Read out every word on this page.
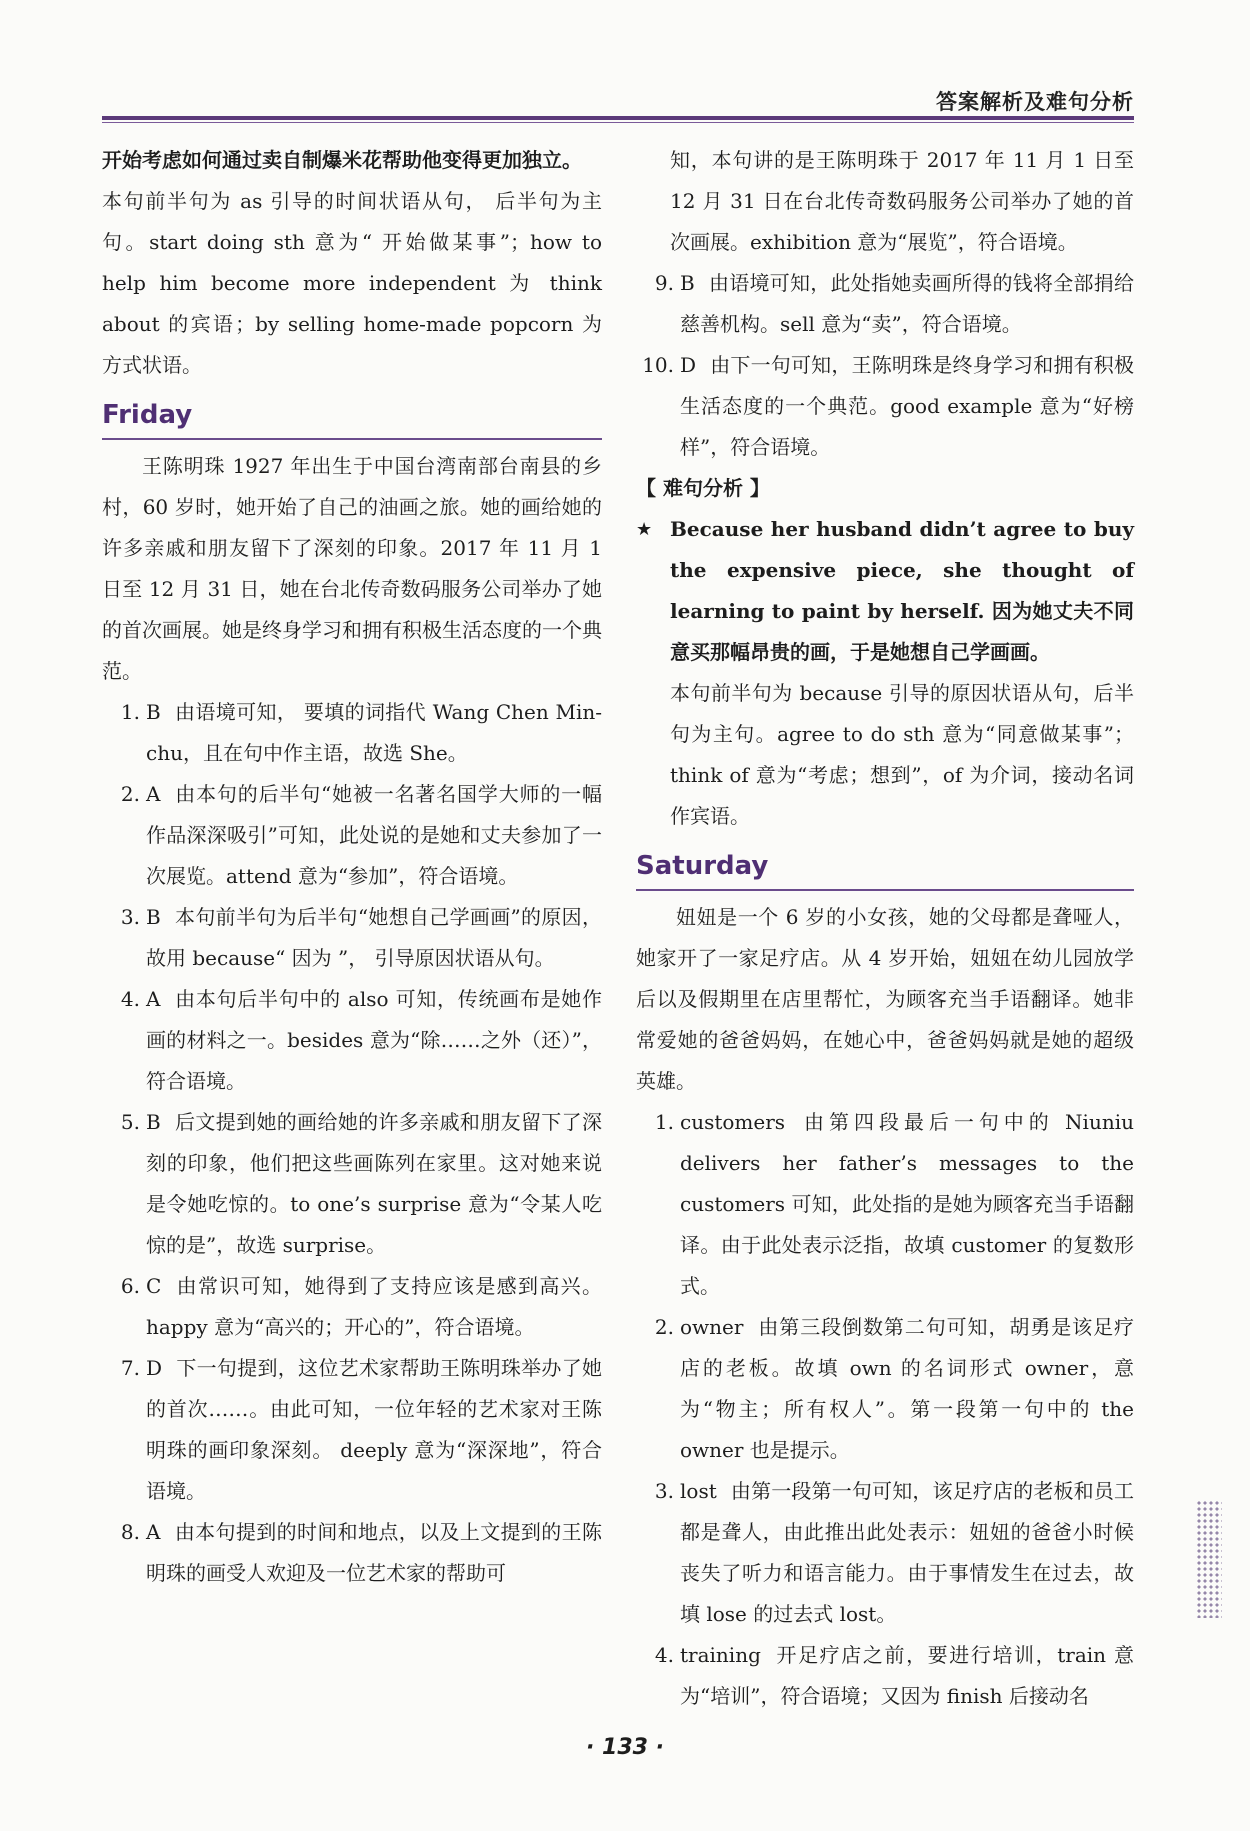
答案解析及难句分析

开始考虑如何通过卖自制爆米花帮助他变得更加独立。

本句前半句为 as 引导的时间状语从句， 后半句为主句。start doing sth 意为“ 开始做某事”；how to help him become more independent 为 think about 的宾语；by selling home-made popcorn 为方式状语。

Friday

王陈明珠 1927 年出生于中国台湾南部台南县的乡村，60 岁时，她开始了自己的油画之旅。她的画给她的许多亲戚和朋友留下了深刻的印象。2017 年 11 月 1 日至 12 月 31 日，她在台北传奇数码服务公司举办了她的首次画展。她是终身学习和拥有积极生活态度的一个典范。

1. B 由语境可知， 要填的词指代 Wang Chen Min-chu，且在句中作主语，故选 She。
2. A 由本句的后半句“她被一名著名国学大师的一幅作品深深吸引”可知，此处说的是她和丈夫参加了一次展览。attend 意为“参加”，符合语境。
3. B 本句前半句为后半句“她想自己学画画”的原因，故用 because“ 因为 ”， 引导原因状语从句。
4. A 由本句后半句中的 also 可知，传统画布是她作画的材料之一。besides 意为“除……之外（还）”，符合语境。
5. B 后文提到她的画给她的许多亲戚和朋友留下了深刻的印象，他们把这些画陈列在家里。这对她来说是令她吃惊的。to one’s surprise 意为“令某人吃惊的是”，故选 surprise。
6. C 由常识可知，她得到了支持应该是感到高兴。happy 意为“高兴的；开心的”，符合语境。
7. D 下一句提到，这位艺术家帮助王陈明珠举办了她的首次……。由此可知，一位年轻的艺术家对王陈明珠的画印象深刻。 deeply 意为“深深地”，符合语境。
8. A 由本句提到的时间和地点，以及上文提到的王陈明珠的画受人欢迎及一位艺术家的帮助可

知，本句讲的是王陈明珠于 2017 年 11 月 1 日至 12 月 31 日在台北传奇数码服务公司举办了她的首次画展。exhibition 意为“展览”，符合语境。

9. B 由语境可知，此处指她卖画所得的钱将全部捐给慈善机构。sell 意为“卖”，符合语境。
10. D 由下一句可知，王陈明珠是终身学习和拥有积极生活态度的一个典范。good example 意为“好榜样”，符合语境。
【 难句分析 】
★ Because her husband didn’t agree to buy the expensive piece, she thought of learning to paint by herself. 因为她丈夫不同意买那幅昂贵的画，于是她想自己学画画。

本句前半句为 because 引导的原因状语从句，后半句为主句。agree to do sth 意为“同意做某事”；think of 意为“考虑；想到”，of 为介词，接动名词作宾语。

Saturday

妞妞是一个 6 岁的小女孩，她的父母都是聋哑人，她家开了一家足疗店。从 4 岁开始，妞妞在幼儿园放学后以及假期里在店里帮忙，为顾客充当手语翻译。她非常爱她的爸爸妈妈，在她心中，爸爸妈妈就是她的超级英雄。

1. customers 由第四段最后一句中的 Niuniu delivers her father’s messages to the customers 可知，此处指的是她为顾客充当手语翻译。由于此处表示泛指，故填 customer 的复数形式。
2. owner 由第三段倒数第二句可知，胡勇是该足疗店的老板。故填 own 的名词形式 owner，意为“物主；所有权人”。第一段第一句中的 the owner 也是提示。
3. lost 由第一段第一句可知，该足疗店的老板和员工都是聋人，由此推出此处表示：妞妞的爸爸小时候丧失了听力和语言能力。由于事情发生在过去，故填 lose 的过去式 lost。
4. training 开足疗店之前，要进行培训，train 意为“培训”，符合语境；又因为 finish 后接动名
· 133 ·
